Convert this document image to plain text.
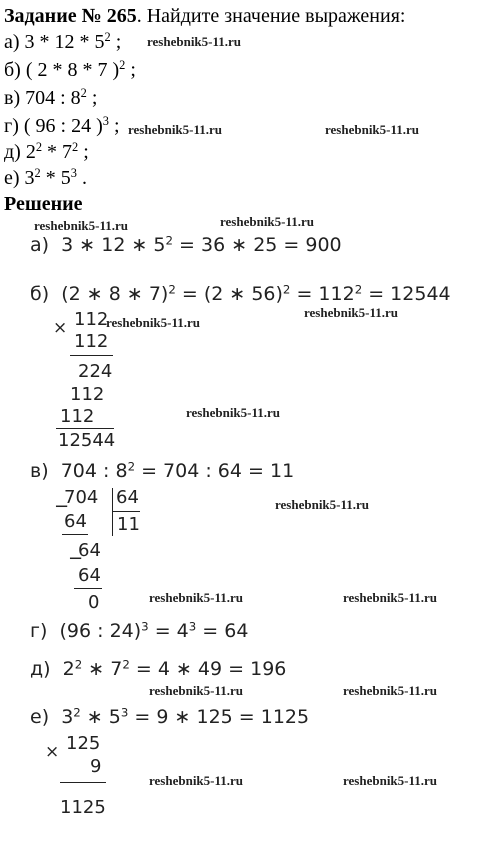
Задание № 265. Найдите значение выражения:
а) $3 * 12 * 5^2$ ;
б) ( 2 * 8 * 7 )$^2$ ;
в) 704 : $8^2$ ;
г) ( 96 : 24 )$^3$ ;
д) $2^2 * 7^2$ ;
е) $3^2 * 5^3$ .
Решение
reshebnik5-11.ru
reshebnik5-11.ru	reshebnik5-11.ru
reshebnik5-11.ru	reshebnik5-11.ru
reshebnik5-11.ru
reshebnik5-11.ru
reshebnik5-11.ru
reshebnik5-11.ru
reshebnik5-11.ru	reshebnik5-11.ru
reshebnik5-11.ru	reshebnik5-11.ru
reshebnik5-11.ru	reshebnik5-11.ru
а) 3 ∗ 12 ∗ $5^2 = 36$ ∗ 25 = 900
б) (2 ∗ 8 ∗ 7)$^2$ = (2 ∗ $56)^2 = 112^2 = 12544$
× 112
112
224
112
112
12544
в) 704 : $8^2 = 704$ : 64 = 11
−
704 64
11
64
−
64
64
0
г) (96 : $24)^3 = 4^3 = 64$
д) $2^2$ ∗ $7^2 = 4$ ∗ 49 = 196
е) $3^2$ ∗ $5^3 = 9$ ∗ 125 = 1125
× 125
9
1125
